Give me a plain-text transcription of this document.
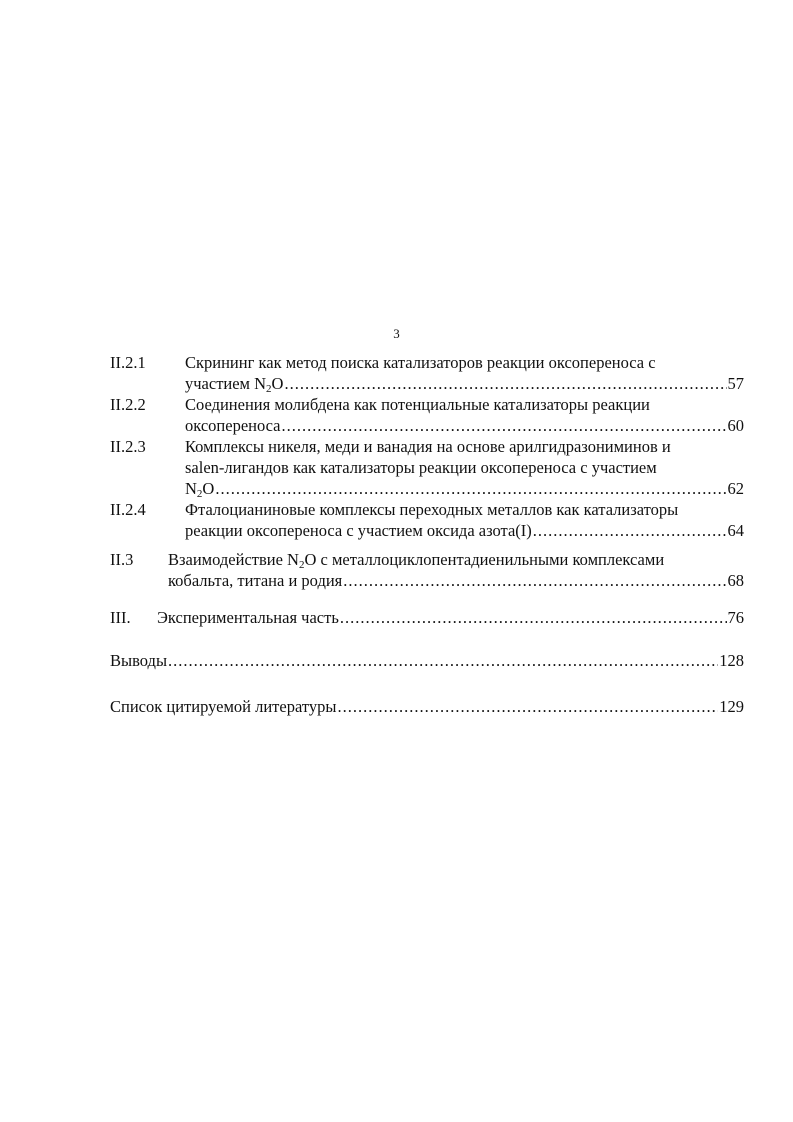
3
II.2.1 Скрининг как метод поиска катализаторов реакции оксопереноса с
участием $N_2O$ .....	57
II.2.2 Соединения молибдена как потенциальные катализаторы реакции
оксопереноса .....	60
II.2.3 Комплексы никеля, меди и ванадия на основе арилгидразониминов и
salen-лигандов как катализаторы реакции оксопереноса с участием
$N_2O$ .....	62
II.2.4 Фталоцианиновые комплексы переходных металлов как катализаторы
реакции оксопереноса с участием оксида азота(I) .....	64
II.3 Взаимодействие $N_2O$ с металлоциклопентадиенильными комплексами
кобальта, титана и родия .....	68
III. Экспериментальная часть .....	76
Выводы .....	128
Список цитируемой литературы .....	129
